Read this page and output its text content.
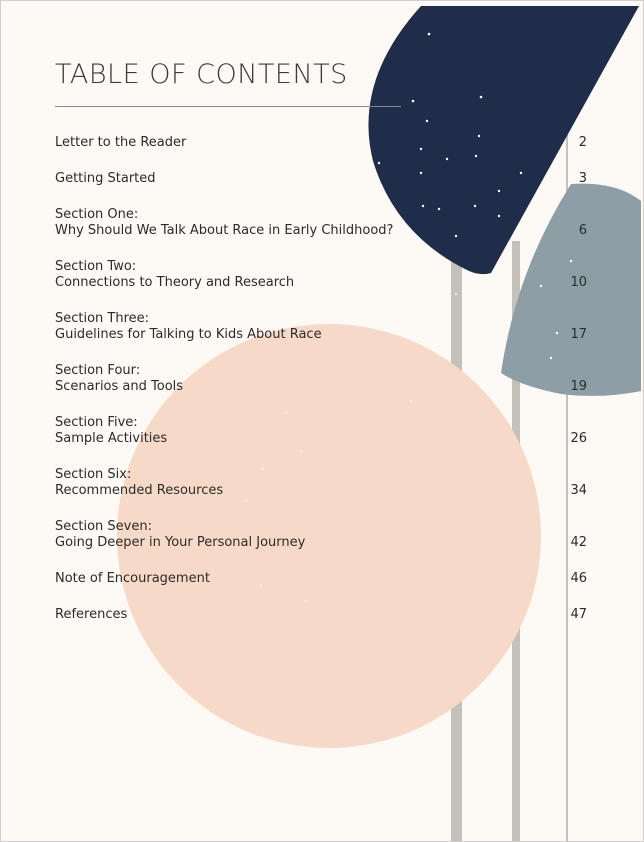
TABLE OF CONTENTS
Letter to the Reader	2
Getting Started	3
Section One:
Why Should We Talk About Race in Early Childhood?	6
Section Two:
Connections to Theory and Research	10
Section Three:
Guidelines for Talking to Kids About Race	17
Section Four:
Scenarios and Tools	19
Section Five:
Sample Activities	26
Section Six:
Recommended Resources	34
Section Seven:
Going Deeper in Your Personal Journey	42
Note of Encouragement	46
References	47
